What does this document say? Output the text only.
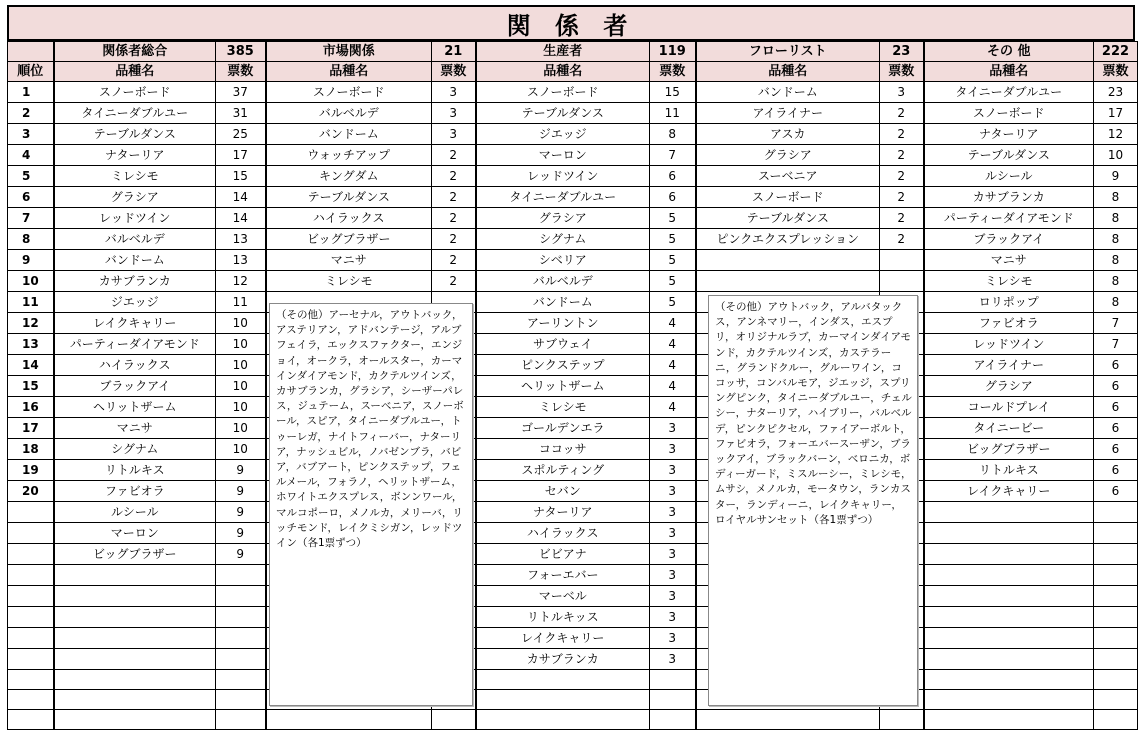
関 係 者
	関係者総合	385	市場関係	21	生産者	119	フローリスト	23	その 他	222
順位	品種名	票数	品種名	票数	品種名	票数	品種名	票数	品種名	票数
1	スノーボード	37	スノーボード	3	スノーボード	15	バンドーム	3	タイニーダブルユー	23
2	タイニーダブルユー	31	バルベルデ	3	テーブルダンス	11	アイライナー	2	スノーボード	17
3	テーブルダンス	25	バンドーム	3	ジエッジ	8	アスカ	2	ナターリア	12
4	ナターリア	17	ウォッチアップ	2	マーロン	7	グラシア	2	テーブルダンス	10
5	ミレシモ	15	キングダム	2	レッドツイン	6	スーベニア	2	ルシール	9
6	グラシア	14	テーブルダンス	2	タイニーダブルユー	6	スノーボード	2	カサブランカ	8
7	レッドツイン	14	ハイラックス	2	グラシア	5	テーブルダンス	2	パーティーダイアモンド	8
8	バルベルデ	13	ビッグブラザー	2	シグナム	5	ピンクエクスプレッション	2	ブラックアイ	8
9	バンドーム	13	マニサ	2	シベリア	5			マニサ	8
10	カサブランカ	12	ミレシモ	2	バルベルデ	5			ミレシモ	8
11	ジエッジ	11			バンドーム	5			ロリポップ	8
12	レイクキャリー	10			アーリントン	4			ファビオラ	7
13	パーティーダイアモンド	10			サブウェイ	4			レッドツイン	7
14	ハイラックス	10			ピンクステップ	4			アイライナー	6
15	ブラックアイ	10			ヘリットザーム	4			グラシア	6
16	ヘリットザーム	10			ミレシモ	4			コールドプレイ	6
17	マニサ	10			ゴールデンエラ	3			タイニービー	6
18	シグナム	10			ココッサ	3			ビッグブラザー	6
19	リトルキス	9			スポルティング	3			リトルキス	6
20	ファビオラ	9			セバン	3			レイクキャリー	6
	ルシール	9			ナターリア	3				
	マーロン	9			ハイラックス	3				
	ビッグブラザー	9			ビビアナ	3				
					フォーエバー	3				
					マーベル	3				
					リトルキッス	3				
					レイクキャリー	3				
					カサブランカ	3				

（その他）アーセナル，アウトバック，アステリアン，アドバンテージ，アルブフェイラ，エックスファクター，エンジョイ，オークラ，オールスター，カーマインダイアモンド，カクテルツインズ，カサブランカ，グラシア，シーザーパレス，ジュテーム，スーベニア，スノーボール，スピア，タイニーダブルユー，トゥーレガ，ナイトフィーバー，ナターリア，ナッシュビル，ノバゼンブラ，バビア，バブアート，ピンクステップ，フェルメール，フォラノ，ヘリットザーム，ホワイトエクスプレス，ボンンワール，マルコポーロ，メノルカ，メリーバ，リッチモンド，レイクミシガン，レッドツイン（各1票ずつ）
（その他）アウトバック，アルバタックス，アンネマリー，インダス，エスプリ，オリジナルラブ，カーマインダイアモンド，カクテルツインズ，カステラーニ，グランドクルー，グルーワイン，ココッサ，コンバルモア，ジエッジ，スプリングピンク，タイニーダブルユー，チェルシー，ナターリア，ハイブリー，バルベルデ，ピンクピクセル，ファイアーボルト，ファビオラ，フォーエバースーザン，ブラックアイ，ブラックバーン，ベロニカ，ボディーガード，ミスルーシー，ミレシモ，ムサシ，メノルカ，モータウン，ランカスター，ランディーニ，レイクキャリー，ロイヤルサンセット（各1票ずつ）
